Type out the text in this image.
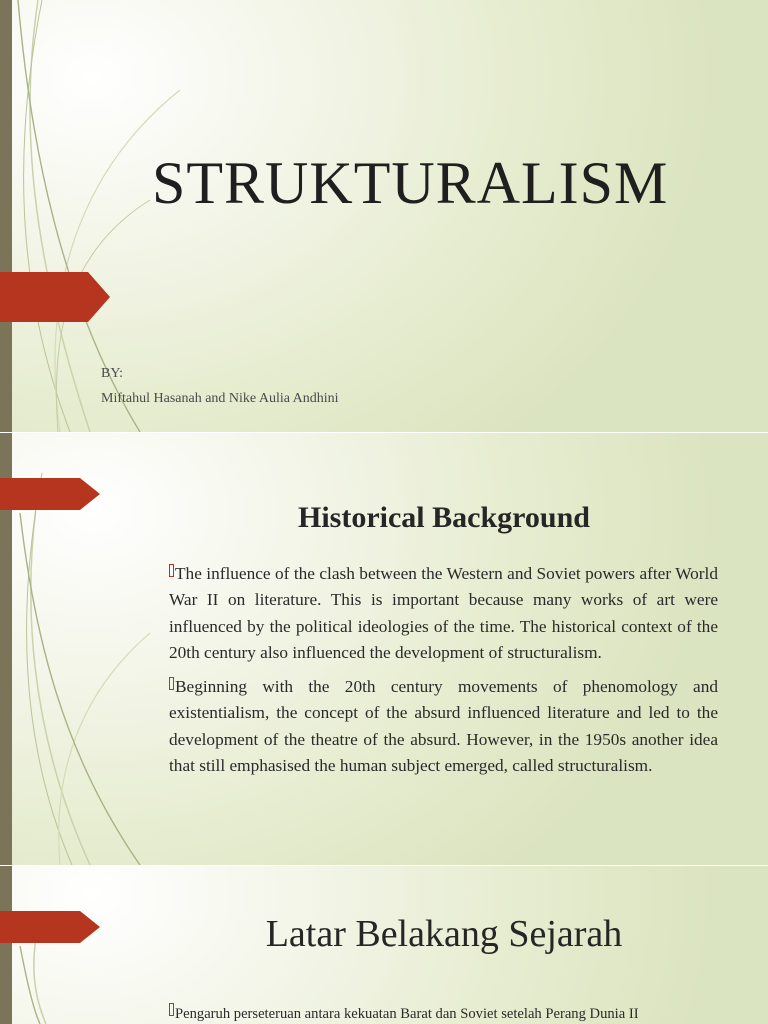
STRUKTURALISM
BY:
Miftahul Hasanah and Nike Aulia Andhini
Historical Background
The influence of the clash between the Western and Soviet powers after World War II on literature. This is important because many works of art were influenced by the political ideologies of the time. The historical context of the 20th century also influenced the development of structuralism.
Beginning with the 20th century movements of phenomology and existentialism, the concept of the absurd influenced literature and led to the development of the theatre of the absurd. However, in the 1950s another idea that still emphasised the human subject emerged, called structuralism.
Latar Belakang Sejarah
Pengaruh perseteruan antara kekuatan Barat dan Soviet setelah Perang Dunia II
